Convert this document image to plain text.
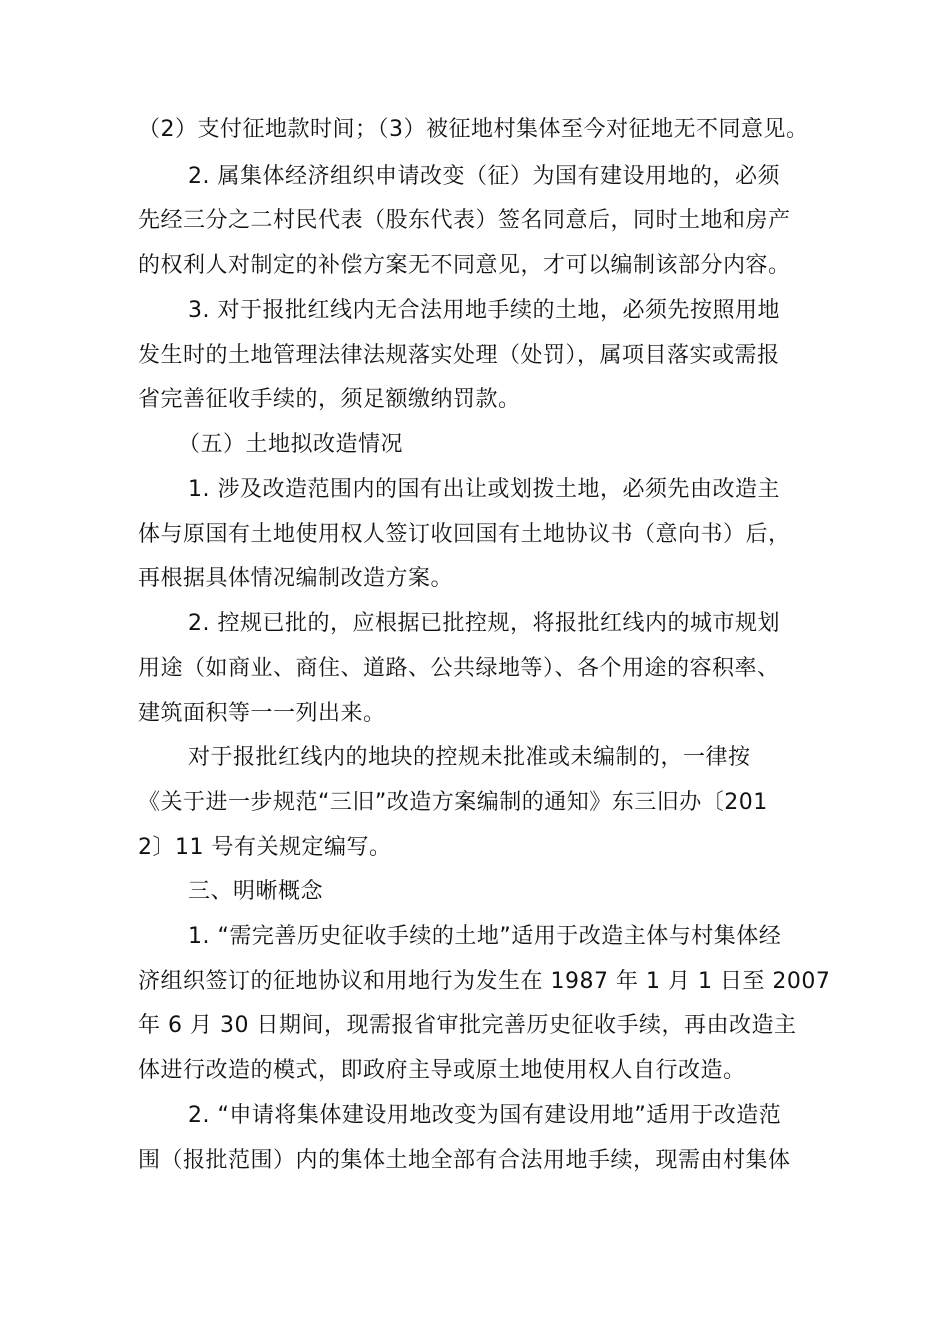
（2）支付征地款时间；（3）被征地村集体至今对征地无不同意见。
2. 属集体经济组织申请改变（征）为国有建设用地的，必须
先经三分之二村民代表（股东代表）签名同意后，同时土地和房产
的权利人对制定的补偿方案无不同意见，才可以编制该部分内容。
3. 对于报批红线内无合法用地手续的土地，必须先按照用地
发生时的土地管理法律法规落实处理（处罚），属项目落实或需报
省完善征收手续的，须足额缴纳罚款。
（五）土地拟改造情况
1. 涉及改造范围内的国有出让或划拨土地，必须先由改造主
体与原国有土地使用权人签订收回国有土地协议书（意向书）后，
再根据具体情况编制改造方案。
2. 控规已批的，应根据已批控规，将报批红线内的城市规划
用途（如商业、商住、道路、公共绿地等）、各个用途的容积率、
建筑面积等一一列出来。
对于报批红线内的地块的控规未批准或未编制的，一律按
《关于进一步规范“三旧”改造方案编制的通知》东三旧办〔201
2〕11 号有关规定编写。
三、明晰概念
1. “需完善历史征收手续的土地”适用于改造主体与村集体经
济组织签订的征地协议和用地行为发生在 1987 年 1 月 1 日至 2007
年 6 月 30 日期间，现需报省审批完善历史征收手续，再由改造主
体进行改造的模式，即政府主导或原土地使用权人自行改造。
2. “申请将集体建设用地改变为国有建设用地”适用于改造范
围（报批范围）内的集体土地全部有合法用地手续，现需由村集体
